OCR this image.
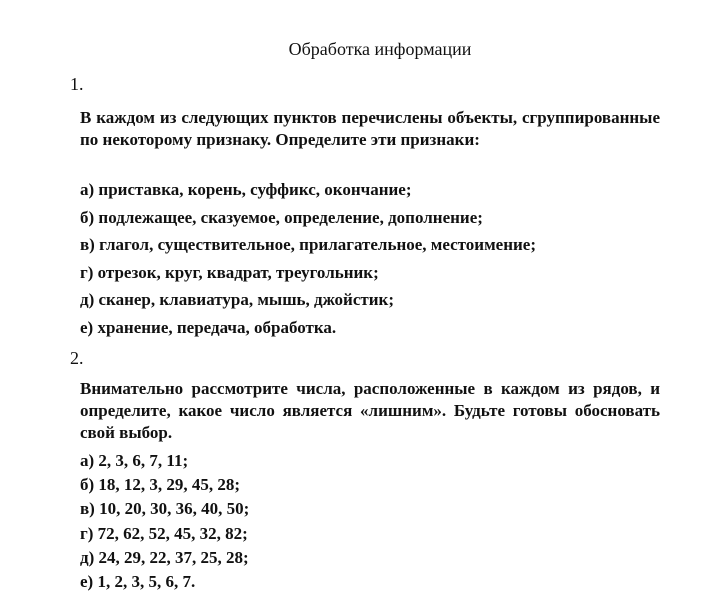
Обработка информации
1.

В каждом из следующих пунктов перечислены объекты, сгруппированные по некоторому признаку. Определите эти признаки:

а) приставка, корень, суффикс, окончание;
б) подлежащее, сказуемое, определение, дополнение;
в) глагол, существительное, прилагательное, местоимение;
г) отрезок, круг, квадрат, треугольник;
д) сканер, клавиатура, мышь, джойстик;
е) хранение, передача, обработка.
2.

Внимательно рассмотрите числа, расположенные в каждом из рядов, и определите, какое число является «лишним». Будьте готовы обосновать свой выбор.

а) 2, 3, 6, 7, 11;
б) 18, 12, 3, 29, 45, 28;
в) 10, 20, 30, 36, 40, 50;
г) 72, 62, 52, 45, 32, 82;
д) 24, 29, 22, 37, 25, 28;
е) 1, 2, 3, 5, 6, 7.
